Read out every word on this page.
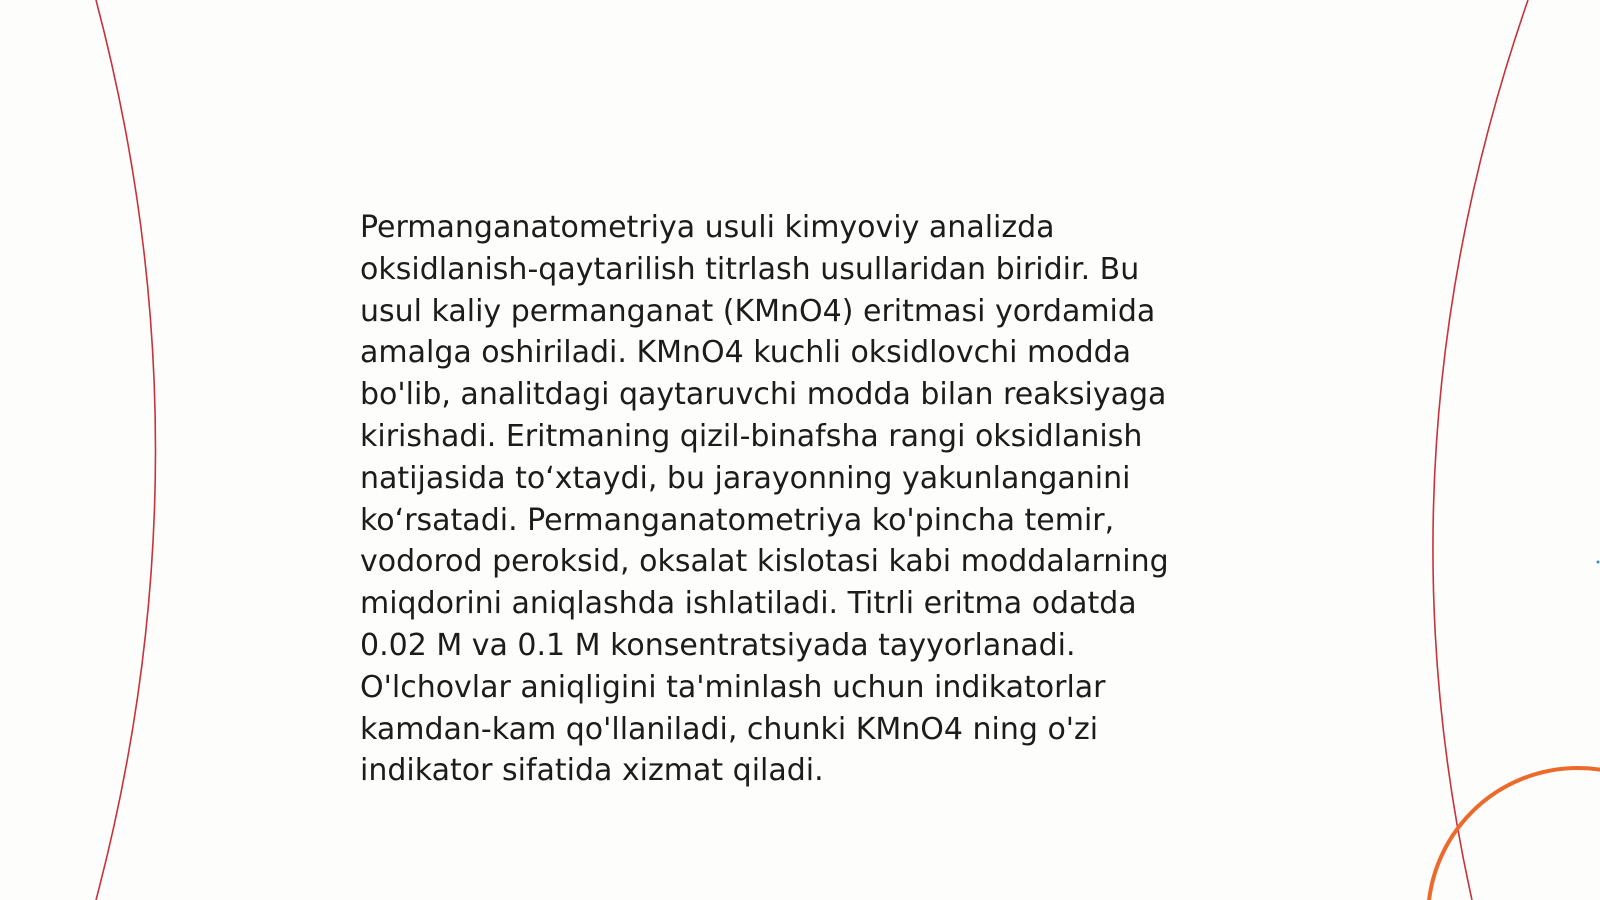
Permanganatometriya usuli kimyoviy analizda
oksidlanish-qaytarilish titrlash usullaridan biridir. Bu
usul kaliy permanganat (KMnO4) eritmasi yordamida
amalga oshiriladi. KMnO4 kuchli oksidlovchi modda
bo'lib, analitdagi qaytaruvchi modda bilan reaksiyaga
kirishadi. Eritmaning qizil-binafsha rangi oksidlanish
natijasida to‘xtaydi, bu jarayonning yakunlanganini
ko‘rsatadi. Permanganatometriya ko'pincha temir,
vodorod peroksid, oksalat kislotasi kabi moddalarning
miqdorini aniqlashda ishlatiladi. Titrli eritma odatda
0.02 M va 0.1 M konsentratsiyada tayyorlanadi.
O'lchovlar aniqligini ta'minlash uchun indikatorlar
kamdan-kam qo'llaniladi, chunki KMnO4 ning o'zi
indikator sifatida xizmat qiladi.
